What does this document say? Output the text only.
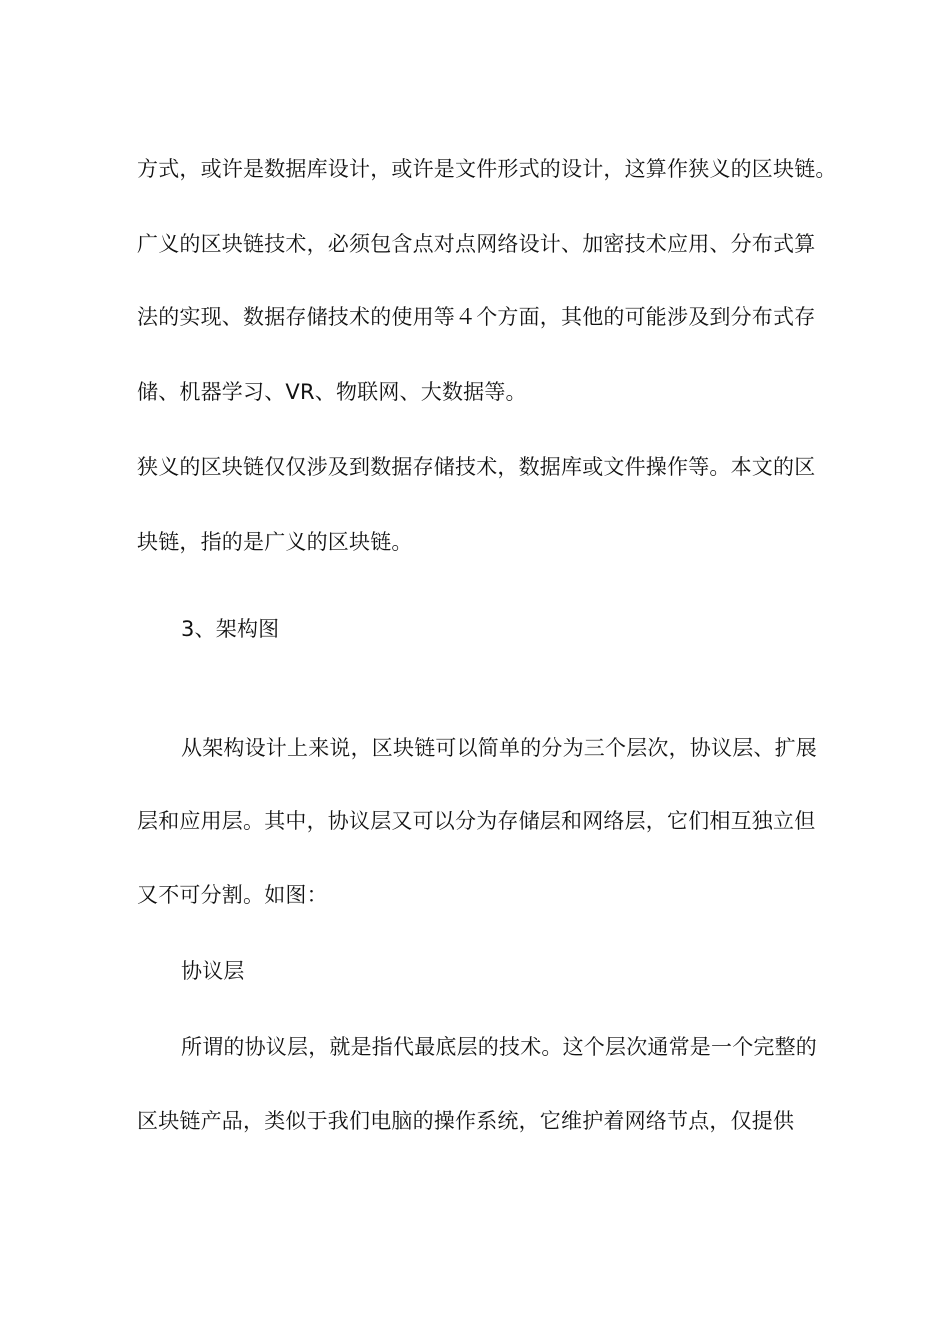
方式，或许是数据库设计，或许是文件形式的设计，这算作狭义的区块链。
广义的区块链技术，必须包含点对点网络设计、加密技术应用、分布式算
法的实现、数据存储技术的使用等４个方面，其他的可能涉及到分布式存
储、机器学习、VR、物联网、大数据等。
狭义的区块链仅仅涉及到数据存储技术，数据库或文件操作等。本文的区
块链，指的是广义的区块链。
3、架构图
从架构设计上来说，区块链可以简单的分为三个层次，协议层、扩展
层和应用层。其中，协议层又可以分为存储层和网络层，它们相互独立但
又不可分割。如图：
协议层
所谓的协议层，就是指代最底层的技术。这个层次通常是一个完整的
区块链产品，类似于我们电脑的操作系统，它维护着网络节点，仅提供
